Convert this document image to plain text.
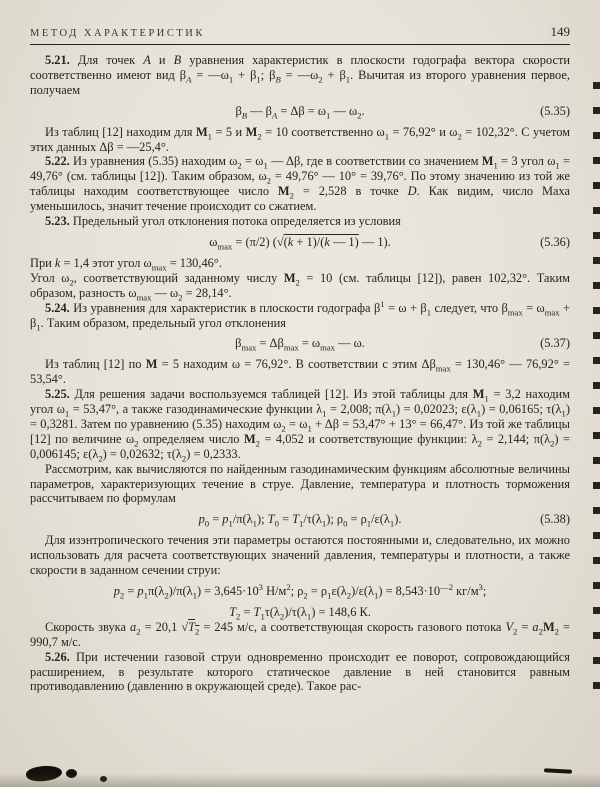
МЕТОД ХАРАКТЕРИСТИК	149

5.21. Для точек А и В уравнения характеристик в плоскости годографа вектора скорости соответственно имеют вид $\beta_A$ = $—\omega_1 + \beta_1$; $\beta_B$ = $—\omega_2 + \beta_1$. Вычитая из второго уравнения первое, получаем

$\beta_B$ — $\beta_A = \Delta\beta = \omega_1$ — $\omega_2$.	(5.35)

Из таблиц [12] находим для $M_1 = 5$ и $M_2 = 10$ соответственно $\omega_1 = 76,92^\circ$ и $\omega_2 = 102,32^\circ$. С учетом этих данных Δβ = —25,4°.

5.22. Из уравнения (5.35) находим $\omega_2 = \omega_1$ — Δβ, где в соответствии со значением $M_1 = 3$ угол $\omega_1 = 49,76^\circ$ (см. таблицы [12]). Таким образом, $\omega_2 = 49,76^\circ$ — 10° = 39,76°. По этому значению из той же таблицы находим соответствующее число $M_2 = 2,528$ в точке D. Как видим, число Маха уменьшилось, значит течение происходит со сжатием.

5.23. Предельный угол отклонения потока определяется из условия

$\omega_{max} = (\pi/2) (√(k + 1)/(k$ — 1) — 1).	(5.36)

При k = 1,4 этот угол $\omega_{max} = 130,46^\circ$.

Угол $\omega_2$, соответствующий заданному числу $M_2 = 10$ (см. таблицы [12]), равен 102,32°. Таким образом, разность $\omega_{max}$ — $\omega_2 = 28,14^\circ$.

5.24. Из уравнения для характеристик в плоскости годографа $\beta^1 = \omega + \beta_1$ следует, что $\beta_{max} = \omega_{max} + \beta_1$. Таким образом, предельный угол отклонения

$\beta_{max} = \Delta\beta_{max} = \omega_{max}$ — ω.	(5.37)

Из таблиц [12] по M = 5 находим ω = 76,92°. В соответствии с этим $\Delta\beta_{max} = 130,46^\circ$ — 76,92° = 53,54°.

5.25. Для решения задачи воспользуемся таблицей [12]. Из этой таблицы для $M_1 = 3,2$ находим угол $\omega_1 = 53,47^\circ$, а также газодинамические функции $\lambda_1 = 2,008$; $\pi(\lambda_1) = 0,02023$; $\varepsilon(\lambda_1) = 0,06165$; $\tau(\lambda_1) = 0,3281$. Затем по уравнению (5.35) находим $\omega_2 = \omega_1 + \Delta\beta = 53,47^\circ + 13^\circ = 66,47^\circ$. Из той же таблицы [12] по величине $\omega_2$ определяем число $M_2 = 4,052$ и соответствующие функции: $\lambda_2 = 2,144$; $\pi(\lambda_2) = 0,006145$; $\varepsilon(\lambda_2) = 0,02632$; $\tau(\lambda_2) = 0,2333$.

Рассмотрим, как вычисляются по найденным газодинамическим функциям абсолютные величины параметров, характеризующих течение в струе. Давление, температура и плотность торможения рассчитываем по формулам

$p_0 = p_1/\pi(\lambda_1)$; $T_0 = T_1/\tau(\lambda_1)$; $\rho_0 = \rho_1/\varepsilon(\lambda_1)$.	(5.38)

Для изэнтропического течения эти параметры остаются постоянными и, следовательно, их можно использовать для расчета соответствующих значений давления, температуры и плотности, а также скорости в заданном сечении струи:

$p_2 = p_1\pi(\lambda_2)/\pi(\lambda_1) = 3,645\cdot 10^3$ $Н/м^2$; $\rho_2 = \rho_1\varepsilon(\lambda_2)/\varepsilon(\lambda_1) = 8,543\cdot 10^{—2}$ $кг/м^3$;
$T_2 = T_1\tau(\lambda_2)/\tau(\lambda_1) = 148,6$ К.

Скорость звука $a_2 = 20,1$ $√T_2 = 245$ м/с, а соответствующая скорость газового потока $V_2 = a_2M_2 = 990,7$ м/с.

5.26. При истечении газовой струи одновременно происходит ее поворот, сопровождающийся расширением, в результате которого статическое давление в ней становится равным противодавлению (давлению в окружающей среде). Такое рас-
